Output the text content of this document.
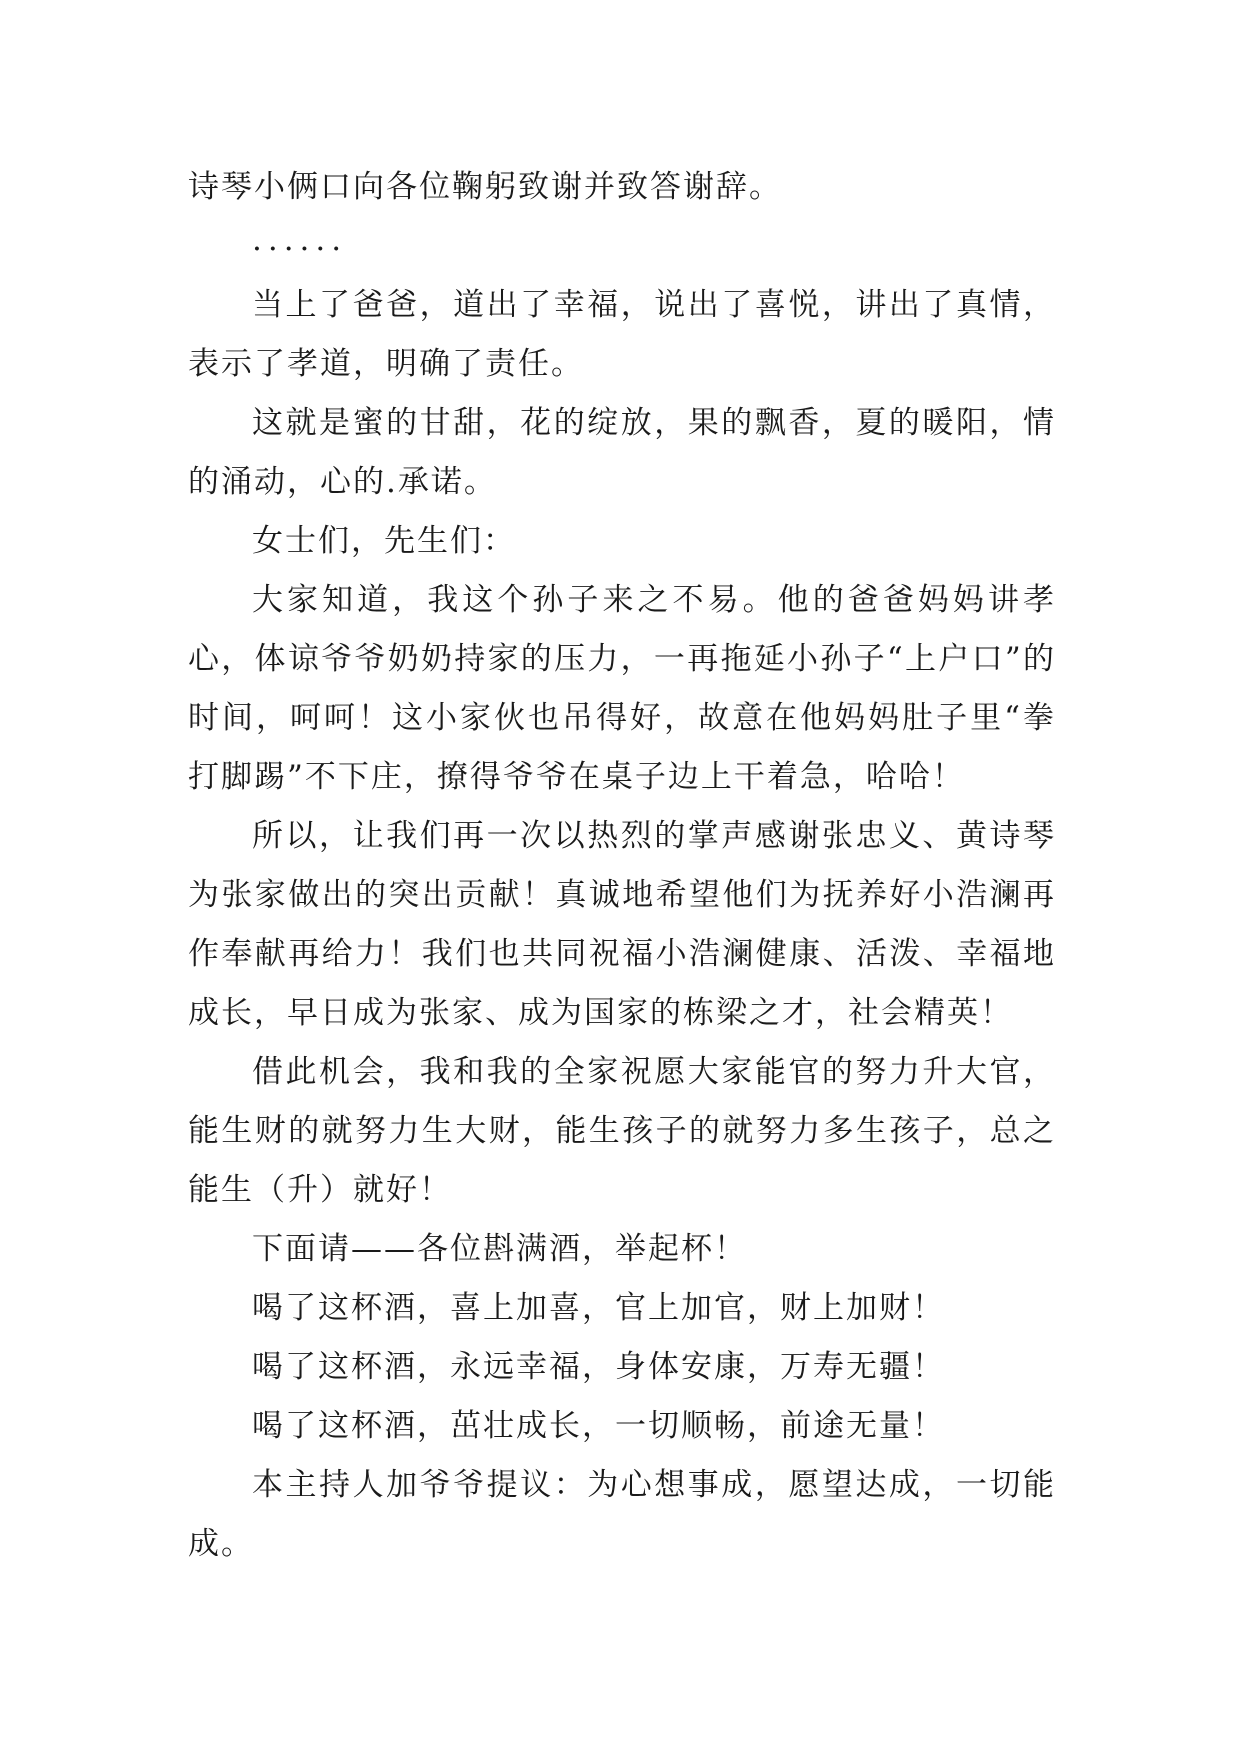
诗琴小俩口向各位鞠躬致谢并致答谢辞。

......

当上了爸爸，道出了幸福，说出了喜悦，讲出了真情，表示了孝道，明确了责任。

这就是蜜的甘甜，花的绽放，果的飘香，夏的暖阳，情的涌动，心的.承诺。

女士们，先生们：

大家知道，我这个孙子来之不易。他的爸爸妈妈讲孝心，体谅爷爷奶奶持家的压力，一再拖延小孙子“上户口”的时间，呵呵！这小家伙也吊得好，故意在他妈妈肚子里“拳打脚踢”不下庄，撩得爷爷在桌子边上干着急，哈哈！

所以，让我们再一次以热烈的掌声感谢张忠义、黄诗琴为张家做出的突出贡献！真诚地希望他们为抚养好小浩澜再作奉献再给力！我们也共同祝福小浩澜健康、活泼、幸福地成长，早日成为张家、成为国家的栋梁之才，社会精英！

借此机会，我和我的全家祝愿大家能官的努力升大官，能生财的就努力生大财，能生孩子的就努力多生孩子，总之能生（升）就好！

下面请——各位斟满酒，举起杯！

喝了这杯酒，喜上加喜，官上加官，财上加财！

喝了这杯酒，永远幸福，身体安康，万寿无疆！

喝了这杯酒，茁壮成长，一切顺畅，前途无量！

本主持人加爷爷提议：为心想事成，愿望达成，一切能成。
